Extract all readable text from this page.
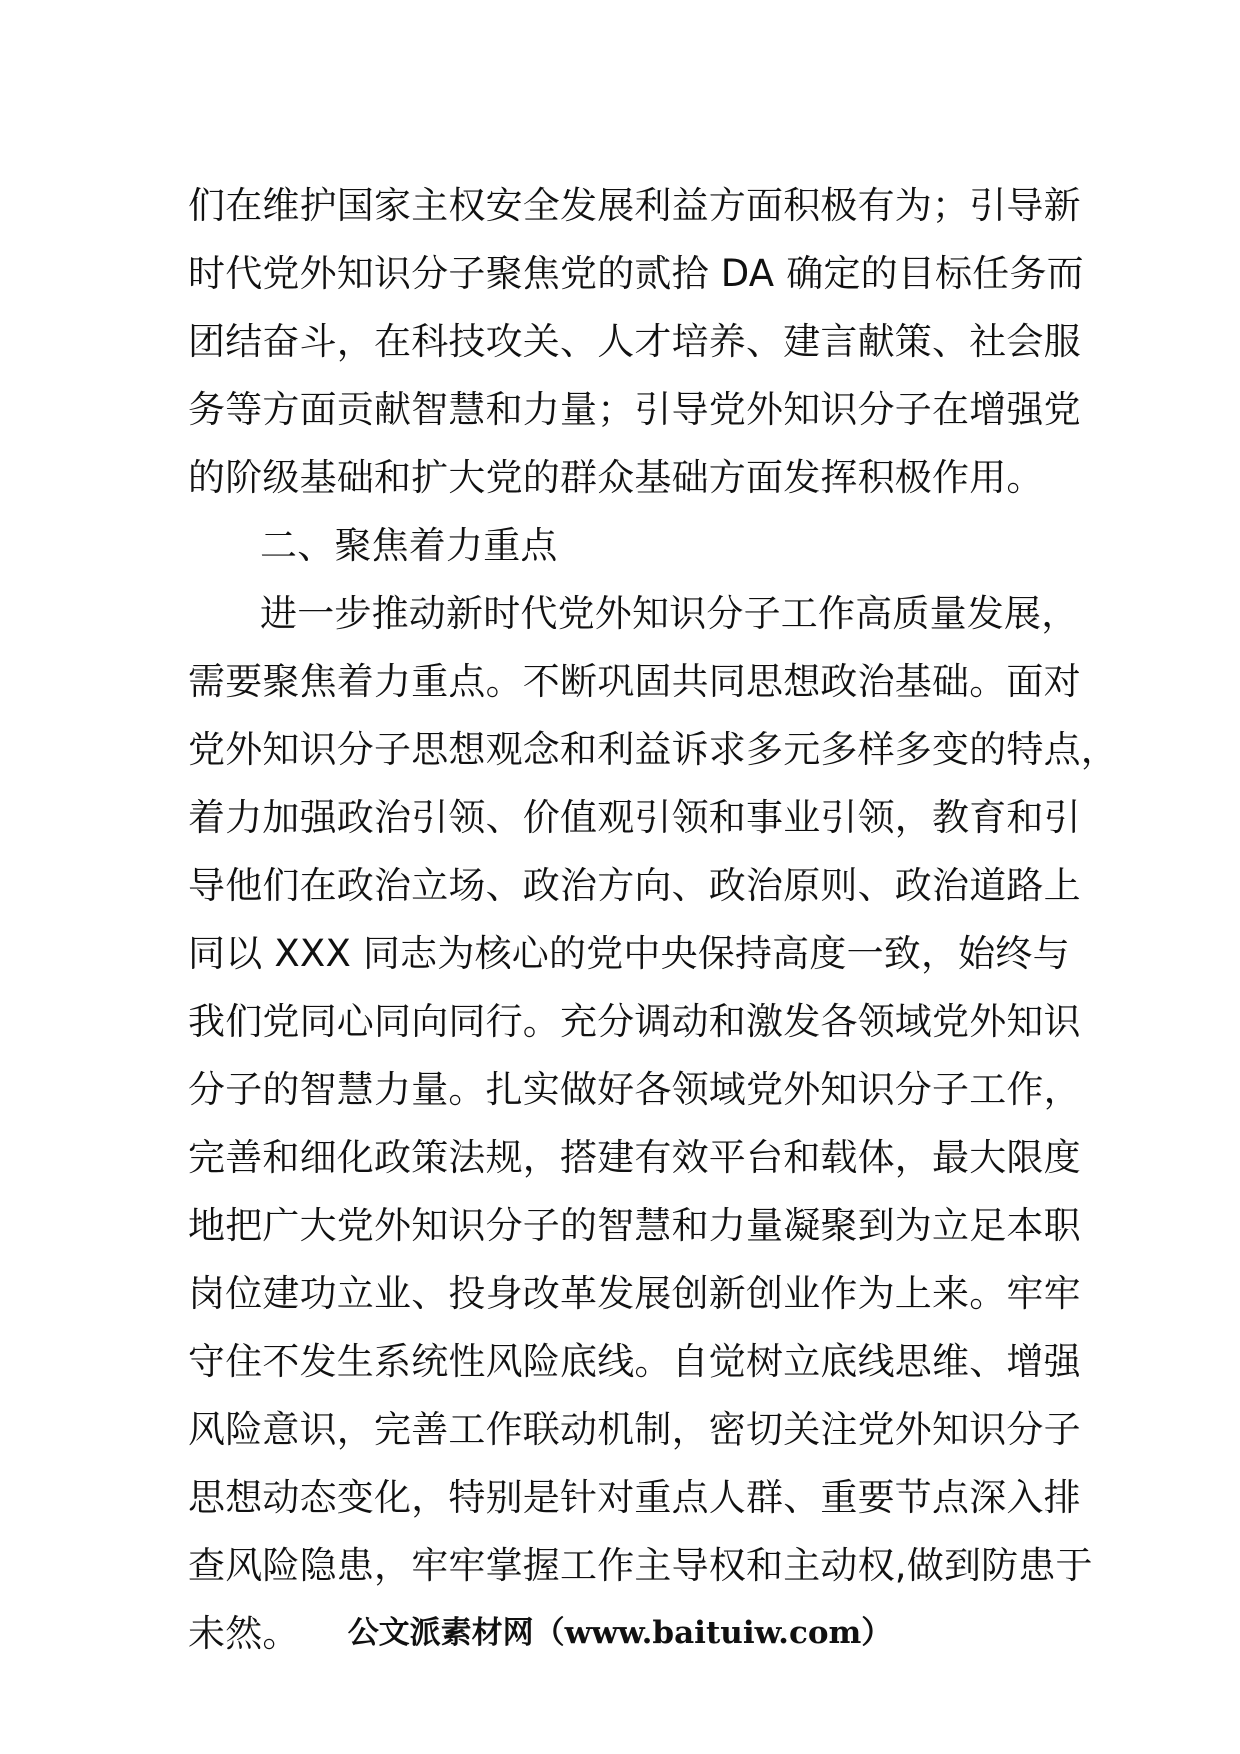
们在维护国家主权安全发展利益方面积极有为；引导新
时代党外知识分子聚焦党的贰拾 DA 确定的目标任务而
团结奋斗，在科技攻关、人才培养、建言献策、社会服
务等方面贡献智慧和力量；引导党外知识分子在增强党
的阶级基础和扩大党的群众基础方面发挥积极作用。
二、聚焦着力重点
进一步推动新时代党外知识分子工作高质量发展，
需要聚焦着力重点。不断巩固共同思想政治基础。面对
党外知识分子思想观念和利益诉求多元多样多变的特点，
着力加强政治引领、价值观引领和事业引领，教育和引
导他们在政治立场、政治方向、政治原则、政治道路上
同以 XXX 同志为核心的党中央保持高度一致，始终与
我们党同心同向同行。充分调动和激发各领域党外知识
分子的智慧力量。扎实做好各领域党外知识分子工作，
完善和细化政策法规，搭建有效平台和载体，最大限度
地把广大党外知识分子的智慧和力量凝聚到为立足本职
岗位建功立业、投身改革发展创新创业作为上来。牢牢
守住不发生系统性风险底线。自觉树立底线思维、增强
风险意识，完善工作联动机制，密切关注党外知识分子
思想动态变化，特别是针对重点人群、重要节点深入排
查风险隐患，牢牢掌握工作主导权和主动权,做到防患于
未然。	公文派素材网（www.baituiw.com）
